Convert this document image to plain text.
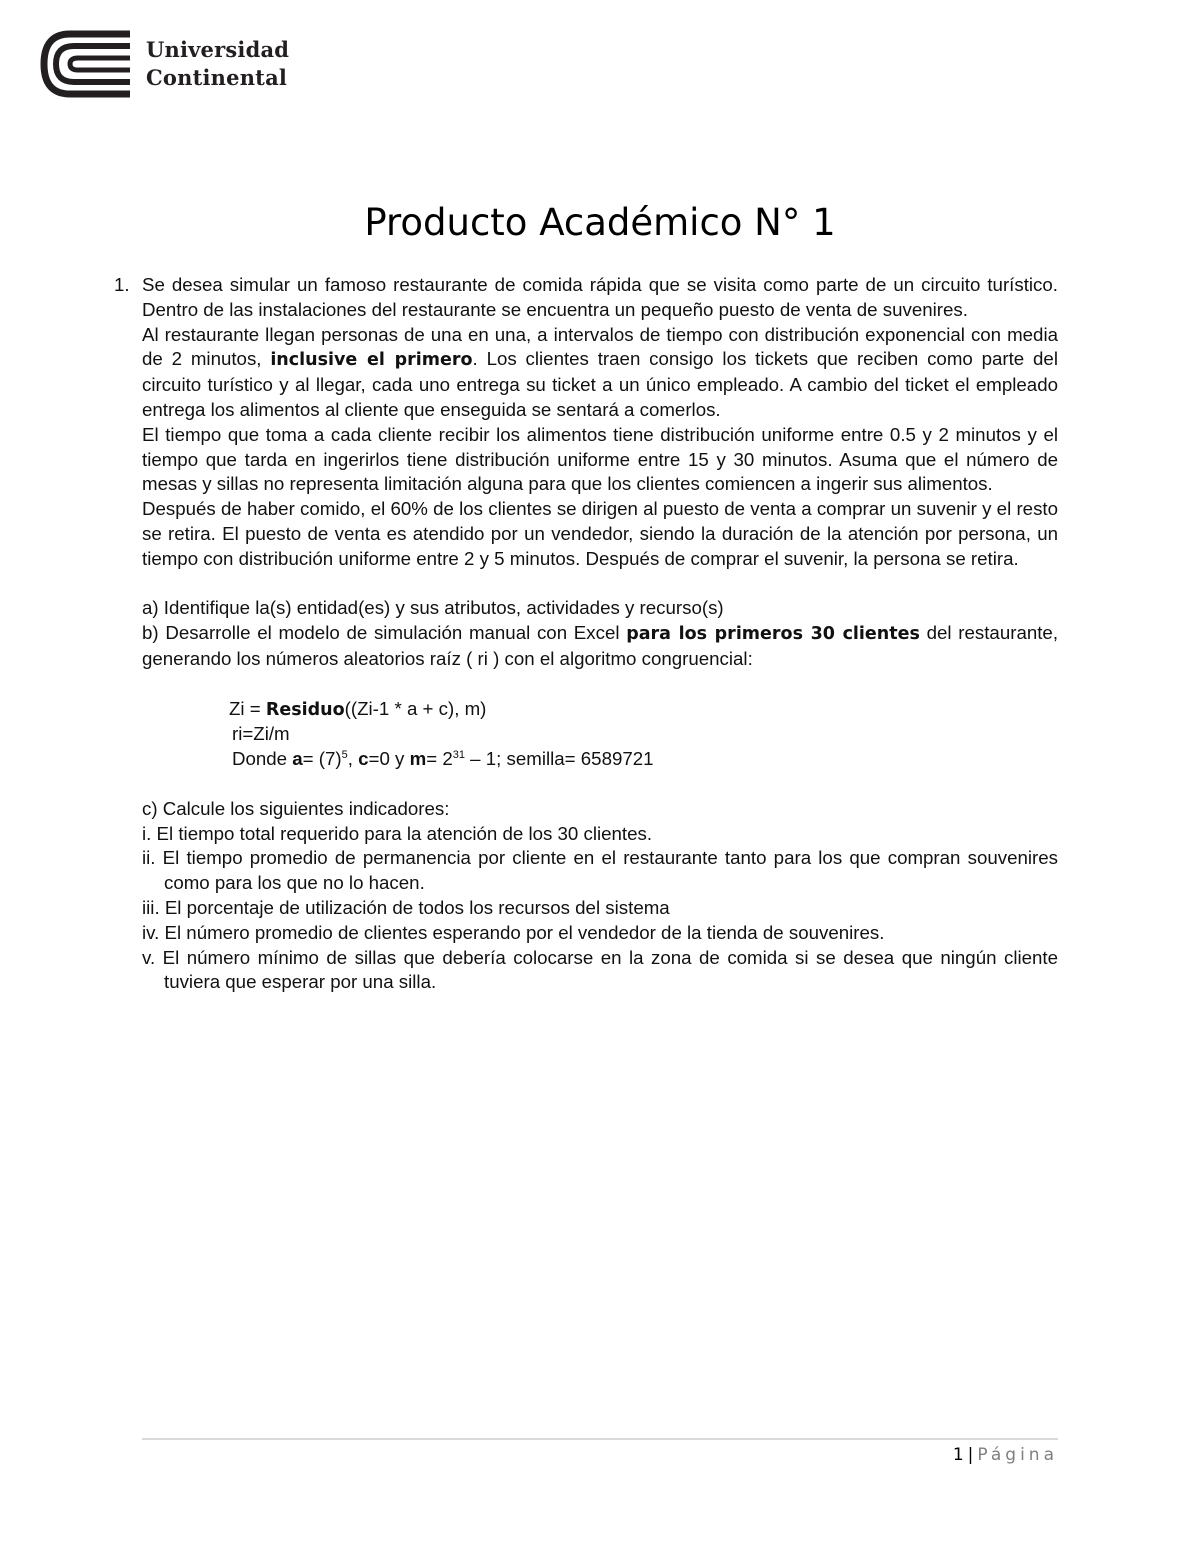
Universidad
Continental
Producto Académico N° 1
1. Se desea simular un famoso restaurante de comida rápida que se visita como parte de un circuito turístico. Dentro de las instalaciones del restaurante se encuentra un pequeño puesto de venta de suvenires.

Al restaurante llegan personas de una en una, a intervalos de tiempo con distribución exponencial con media de 2 minutos, inclusive el primero. Los clientes traen consigo los tickets que reciben como parte del circuito turístico y al llegar, cada uno entrega su ticket a un único empleado. A cambio del ticket el empleado entrega los alimentos al cliente que enseguida se sentará a comerlos.

El tiempo que toma a cada cliente recibir los alimentos tiene distribución uniforme entre 0.5 y 2 minutos y el tiempo que tarda en ingerirlos tiene distribución uniforme entre 15 y 30 minutos. Asuma que el número de mesas y sillas no representa limitación alguna para que los clientes comiencen a ingerir sus alimentos.

Después de haber comido, el 60% de los clientes se dirigen al puesto de venta a comprar un suvenir y el resto se retira. El puesto de venta es atendido por un vendedor, siendo la duración de la atención por persona, un tiempo con distribución uniforme entre 2 y 5 minutos. Después de comprar el suvenir, la persona se retira.

a) Identifique la(s) entidad(es) y sus atributos, actividades y recurso(s)

b) Desarrolle el modelo de simulación manual con Excel para los primeros 30 clientes del restaurante, generando los números aleatorios raíz ( ri ) con el algoritmo congruencial:

Zi = Residuo((Zi-1 * a + c), m)
ri=Zi/m
Donde $a= (7)^5$, c=0 y $m= 2^{31} - 1$; semilla= 6589721

c) Calcule los siguientes indicadores:

i. El tiempo total requerido para la atención de los 30 clientes.

ii. El tiempo promedio de permanencia por cliente en el restaurante tanto para los que compran souvenires como para los que no lo hacen.

iii. El porcentaje de utilización de todos los recursos del sistema

iv. El número promedio de clientes esperando por el vendedor de la tienda de souvenires.

v. El número mínimo de sillas que debería colocarse en la zona de comida si se desea que ningún cliente tuviera que esperar por una silla.

1 | Página
